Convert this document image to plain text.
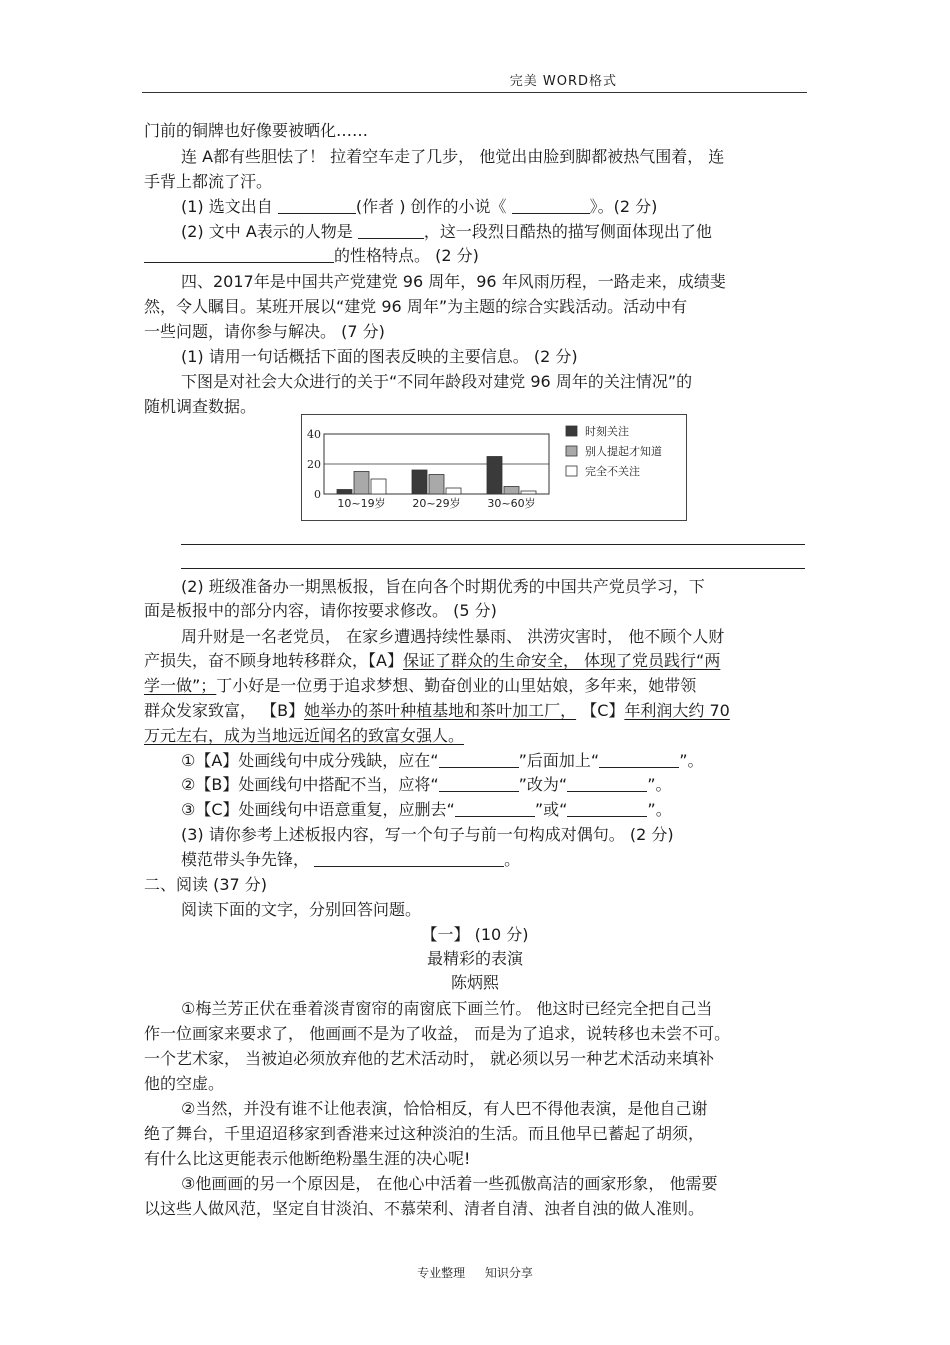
完美 WORD格式
门前的铜牌也好像要被晒化……
连 A都有些胆怯了！ 拉着空车走了几步， 他觉出由脸到脚都被热气围着， 连
手背上都流了汗。
(1) 选文出自	(作者 ) 创作的小说《	》。(2 分)
(2) 文中 A表示的人物是	，这一段烈日酷热的描写侧面体现出了他
的性格特点。 (2 分)
四、2017年是中国共产党建党 96 周年，96 年风雨历程，一路走来，成绩斐
然，令人瞩目。某班开展以“建党 96 周年”为主题的综合实践活动。活动中有
一些问题，请你参与解决。 (7 分)
(1) 请用一句话概括下面的图表反映的主要信息。 (2 分)
下图是对社会大众进行的关于“不同年龄段对建党 96 周年的关注情况”的
随机调查数据。
0
20
40
10~19岁 20~29岁 30~60岁
时刻关注
别人提起才知道
完全不关注
(2) 班级准备办一期黑板报，旨在向各个时期优秀的中国共产党员学习，下
面是板报中的部分内容，请你按要求修改。 (5 分)
周升财是一名老党员， 在家乡遭遇持续性暴雨、 洪涝灾害时， 他不顾个人财
产损失，奋不顾身地转移群众，【A】保证了群众的生命安全， 体现了党员践行“两
学一做”；丁小好是一位勇于追求梦想、勤奋创业的山里姑娘，多年来，她带领
群众发家致富， 【B】她举办的茶叶种植基地和茶叶加工厂， 【C】年利润大约 70
万元左右，成为当地远近闻名的致富女强人。
①【A】处画线句中成分残缺，应在“	”后面加上“	”。
②【B】处画线句中搭配不当，应将“	”改为“	”。
③【C】处画线句中语意重复，应删去“	”或“	”。
(3) 请你参考上述板报内容，写一个句子与前一句构成对偶句。 (2 分)
模范带头争先锋，	。
二、阅读 (37 分)
阅读下面的文字，分别回答问题。
【一】 (10 分)
最精彩的表演
陈炳熙
①梅兰芳正伏在垂着淡青窗帘的南窗底下画兰竹。 他这时已经完全把自己当
作一位画家来要求了， 他画画不是为了收益， 而是为了追求，说转移也未尝不可。
一个艺术家， 当被迫必须放弃他的艺术活动时， 就必须以另一种艺术活动来填补
他的空虚。
②当然，并没有谁不让他表演，恰恰相反，有人巴不得他表演，是他自己谢
绝了舞台，千里迢迢移家到香港来过这种淡泊的生活。而且他早已蓄起了胡须，
有什么比这更能表示他断绝粉墨生涯的决心呢!
③他画画的另一个原因是， 在他心中活着一些孤傲高洁的画家形象， 他需要
以这些人做风范，坚定自甘淡泊、不慕荣利、清者自清、浊者自浊的做人准则。
专业整理 知识分享
